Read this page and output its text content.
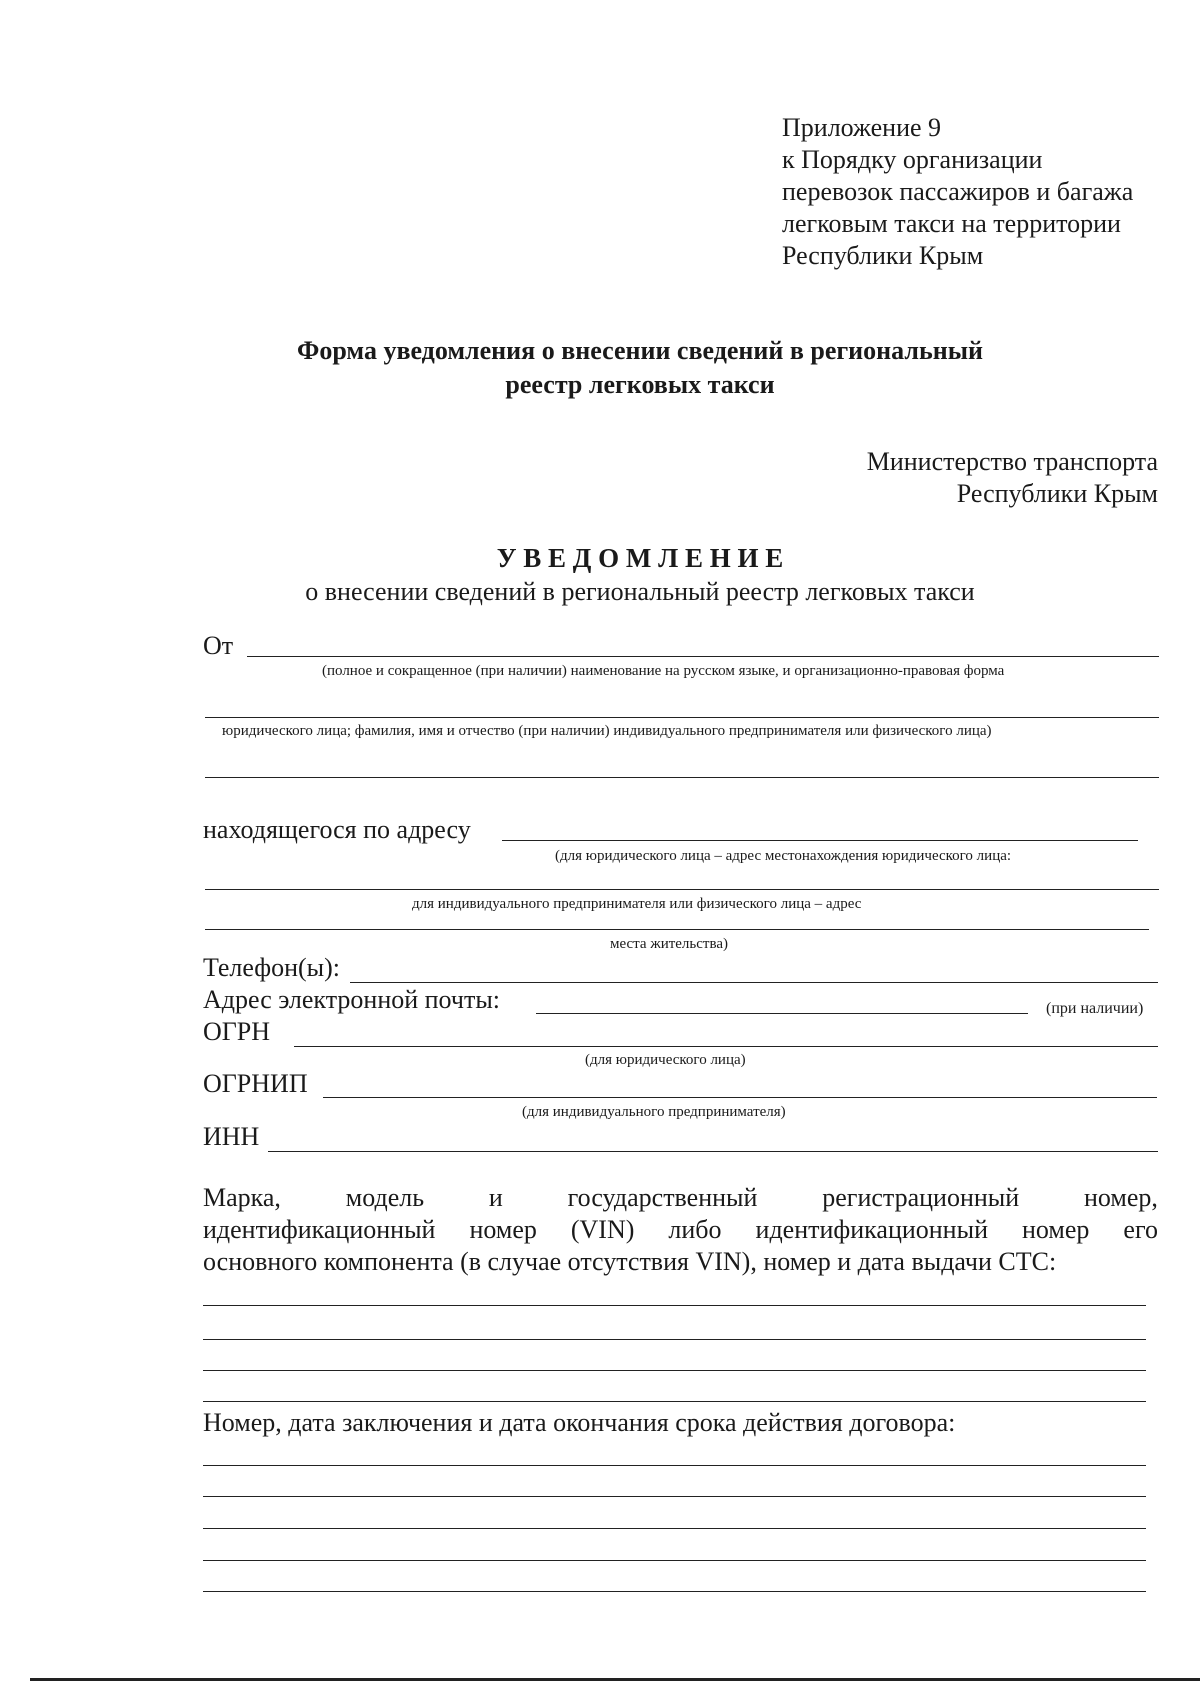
Приложение 9
к Порядку организации
перевозок пассажиров и багажа
легковым такси на территории
Республики Крым
Форма уведомления о внесении сведений в региональный
реестр легковых такси
Министерство транспорта
Республики Крым
У В Е Д О М Л Е Н И Е
о внесении сведений в региональный реестр легковых такси
От
(полное и сокращенное (при наличии) наименование на русском языке, и организационно-правовая форма
юридического лица; фамилия, имя и отчество (при наличии) индивидуального предпринимателя или физического лица)
находящегося по адресу
(для юридического лица – адрес местонахождения юридического лица:
для индивидуального предпринимателя или физического лица – адрес
места жительства)
Телефон(ы):
Адрес электронной почты:	(при наличии)
ОГРН
(для юридического лица)
ОГРНИП
(для индивидуального предпринимателя)
ИНН
Марка, модель и государственный регистрационный номер,
идентификационный номер (VIN) либо идентификационный номер его
основного компонента (в случае отсутствия VIN), номер и дата выдачи СТС:
Номер, дата заключения и дата окончания срока действия договора:
